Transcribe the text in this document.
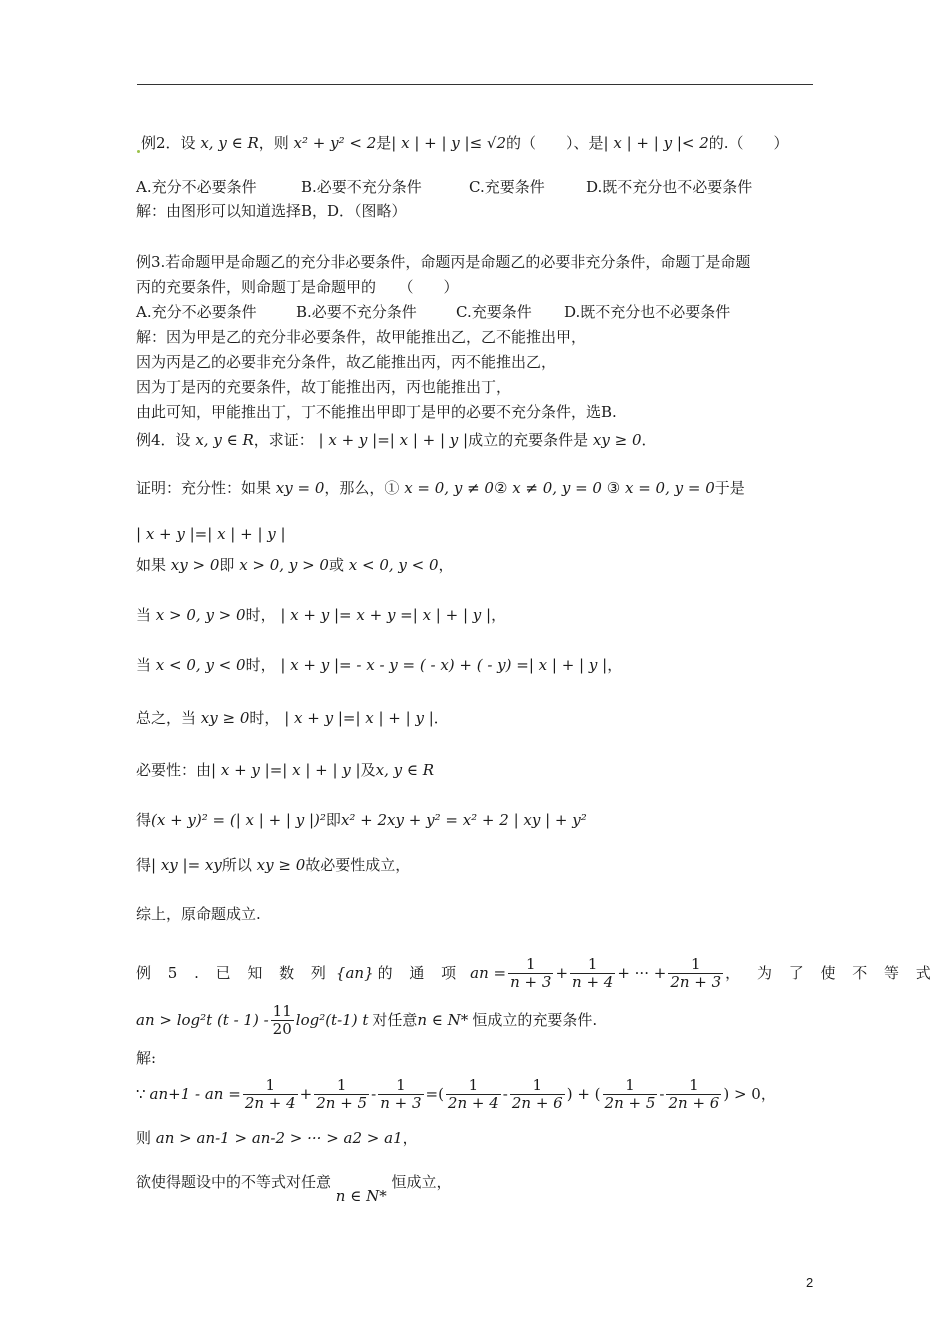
例2．设 x, y ∈ R，则 x² + y² < 2是| x | + | y |≤ √2的（　　）、是| x | + | y |< 2的.（　　）
A.充分不必要条件	B.必要不充分条件	C.充要条件	D.既不充分也不必要条件
解：由图形可以知道选择B，D．（图略）
例3.若命题甲是命题乙的充分非必要条件，命题丙是命题乙的必要非充分条件，命题丁是命题
丙的充要条件，则命题丁是命题甲的　　（　　）
A.充分不必要条件	B.必要不充分条件	C.充要条件 D.既不充分也不必要条件
解：因为甲是乙的充分非必要条件，故甲能推出乙，乙不能推出甲，
因为丙是乙的必要非充分条件，故乙能推出丙，丙不能推出乙，
因为丁是丙的充要条件，故丁能推出丙，丙也能推出丁，
由此可知，甲能推出丁，丁不能推出甲即丁是甲的必要不充分条件，选B.
例4．设 x, y ∈ R，求证： | x + y |=| x | + | y |成立的充要条件是 xy ≥ 0．
证明：充分性：如果 xy = 0，那么，① x = 0, y ≠ 0② x ≠ 0, y = 0 ③ x = 0, y = 0于是
| x + y |=| x | + | y |
如果 xy > 0即 x > 0, y > 0或 x < 0, y < 0，
当 x > 0, y > 0时， | x + y |= x + y =| x | + | y |，
当 x < 0, y < 0时， | x + y |= - x - y = ( - x) + ( - y) =| x | + | y |，
总之，当 xy ≥ 0时， | x + y |=| x | + | y |．
必要性：由| x + y |=| x | + | y |及x, y ∈ R
得(x + y)² = (| x | + | y |)²即x² + 2xy + y² = x² + 2 | xy | + y²
得| xy |= xy所以 xy ≥ 0故必要性成立，
综上，原命题成立.
例 5 . 已 知 数 列 {an} 的 通 项 an = $\frac{1}{n + 3} + \frac{1}{n + 4}$ + ··· + $\frac{1}{2n + 3}$ ， 为 了 使 不 等 式
an > log²t $(t - 1) - \frac{11}{20} \log^2(t-1)$ t 对任意 n ∈ N* 恒成立的充要条件.
解:
∵ an+1 - an = $\frac{1}{2n + 4} + \frac{1}{2n + 5} - \frac{1}{n + 3}$ =( $\frac{1}{2n + 4} - \frac{1}{2n + 6}$ ) + ( $\frac{1}{2n + 5} - \frac{1}{2n + 6}$ ) > 0，
则 an > an-1 > an-2 > ··· > a2 > a1，
欲使得题设中的不等式对任意 n ∈ N* 恒成立，
2
